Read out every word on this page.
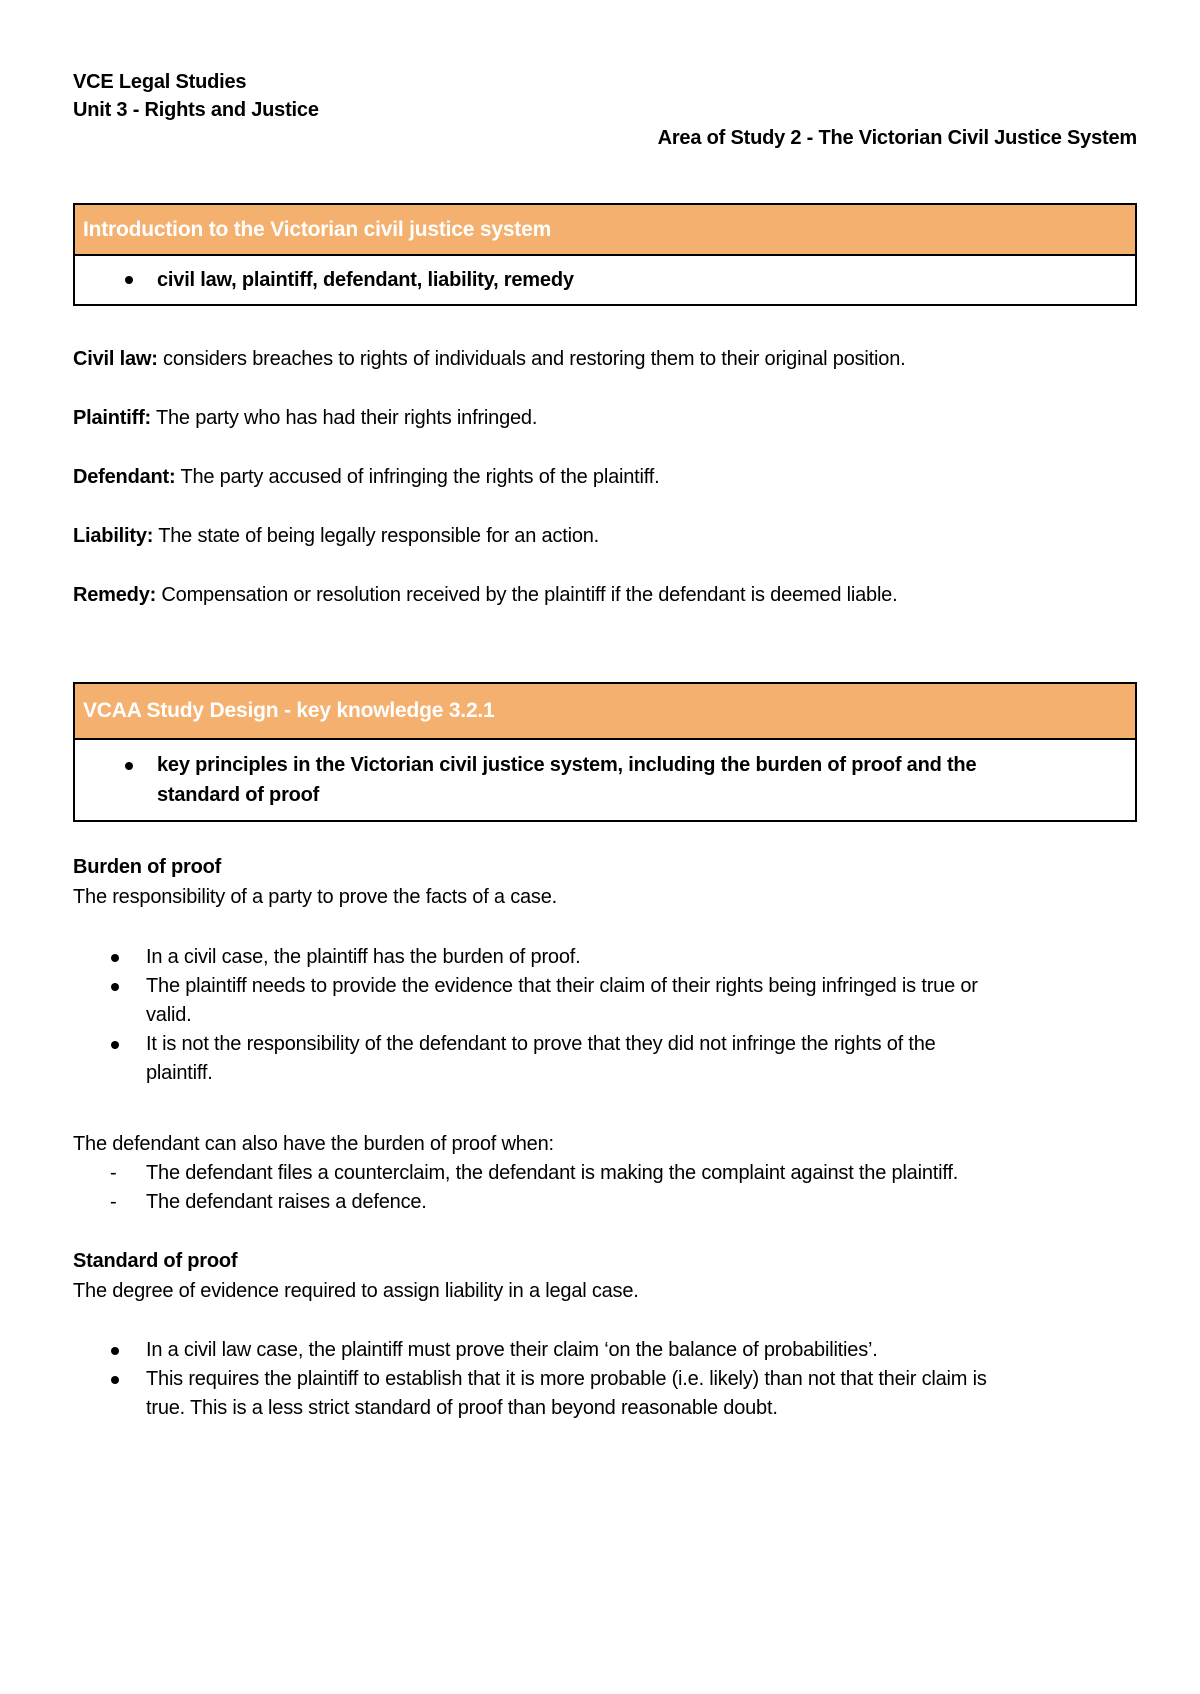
VCE Legal Studies
Unit 3 - Rights and Justice
Area of Study 2 - The Victorian Civil Justice System
Introduction to the Victorian civil justice system
civil law, plaintiff, defendant, liability, remedy
Civil law: considers breaches to rights of individuals and restoring them to their original position.
Plaintiff: The party who has had their rights infringed.
Defendant: The party accused of infringing the rights of the plaintiff.
Liability: The state of being legally responsible for an action.
Remedy: Compensation or resolution received by the plaintiff if the defendant is deemed liable.
VCAA Study Design - key knowledge 3.2.1
key principles in the Victorian civil justice system, including the burden of proof and the
standard of proof
Burden of proof
The responsibility of a party to prove the facts of a case.
In a civil case, the plaintiff has the burden of proof.
The plaintiff needs to provide the evidence that their claim of their rights being infringed is true or
valid.
It is not the responsibility of the defendant to prove that they did not infringe the rights of the
plaintiff.
The defendant can also have the burden of proof when:
- The defendant files a counterclaim, the defendant is making the complaint against the plaintiff.
- The defendant raises a defence.
Standard of proof
The degree of evidence required to assign liability in a legal case.
In a civil law case, the plaintiff must prove their claim ‘on the balance of probabilities’.
This requires the plaintiff to establish that it is more probable (i.e. likely) than not that their claim is
true. This is a less strict standard of proof than beyond reasonable doubt.
